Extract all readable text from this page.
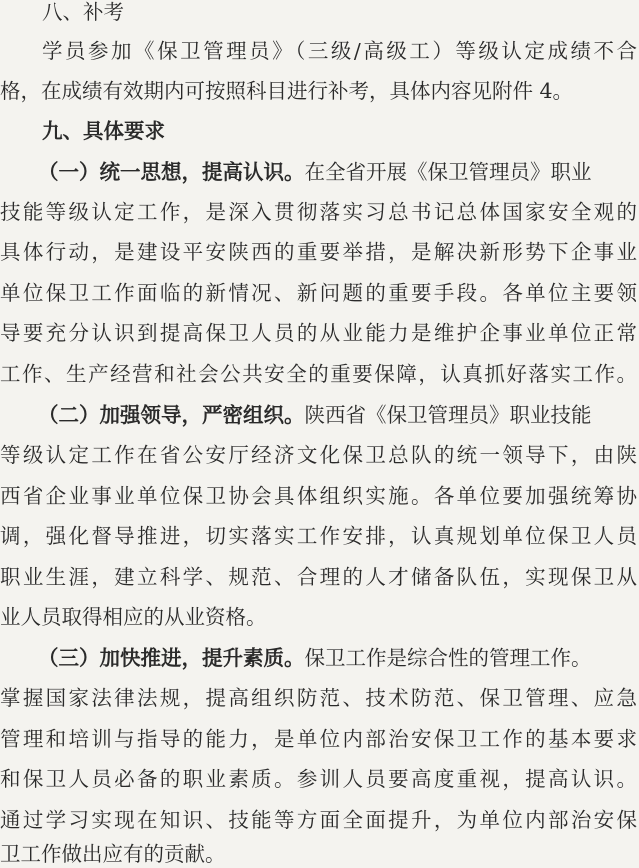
八、补考
学员参加《保卫管理员》（三级/高级工）等级认定成绩不合
格，在成绩有效期内可按照科目进行补考，具体内容见附件 4。
九、具体要求
（一）统一思想，提高认识。在全省开展《保卫管理员》职业
技能等级认定工作，是深入贯彻落实习总书记总体国家安全观的
具体行动，是建设平安陕西的重要举措，是解决新形势下企事业
单位保卫工作面临的新情况、新问题的重要手段。各单位主要领
导要充分认识到提高保卫人员的从业能力是维护企事业单位正常
工作、生产经营和社会公共安全的重要保障，认真抓好落实工作。
（二）加强领导，严密组织。陕西省《保卫管理员》职业技能
等级认定工作在省公安厅经济文化保卫总队的统一领导下，由陕
西省企业事业单位保卫协会具体组织实施。各单位要加强统筹协
调，强化督导推进，切实落实工作安排，认真规划单位保卫人员
职业生涯，建立科学、规范、合理的人才储备队伍，实现保卫从
业人员取得相应的从业资格。
（三）加快推进，提升素质。保卫工作是综合性的管理工作。
掌握国家法律法规，提高组织防范、技术防范、保卫管理、应急
管理和培训与指导的能力，是单位内部治安保卫工作的基本要求
和保卫人员必备的职业素质。参训人员要高度重视，提高认识。
通过学习实现在知识、技能等方面全面提升，为单位内部治安保
卫工作做出应有的贡献。
